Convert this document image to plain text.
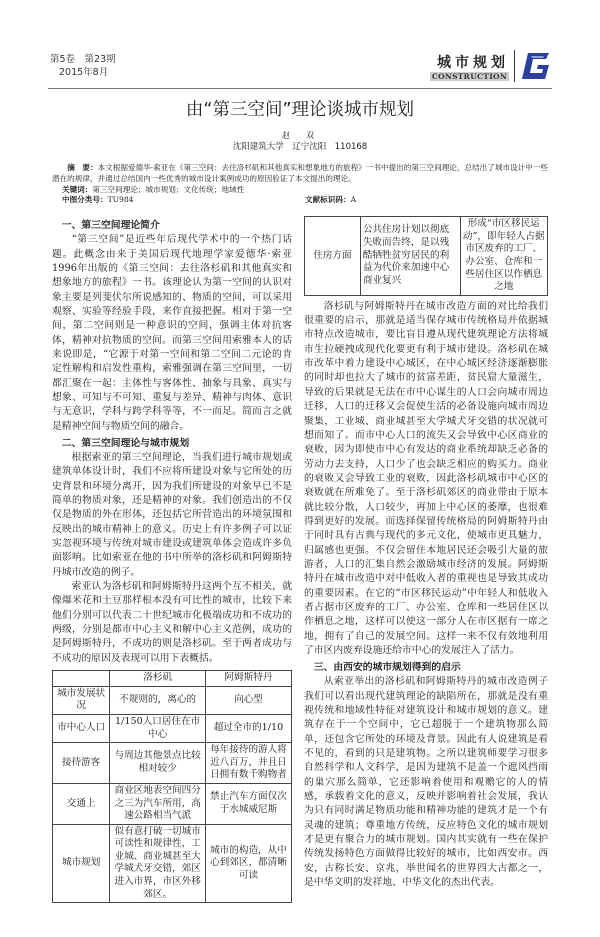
第5卷　第23期
2015年8月
城市规划
CONSTRUCTION
由“第三空间”理论谈城市规划
赵　双
沈阳建筑大学　辽宁沈阳　110168
摘　要：本文根据爱德华·索亚在《第三空间：去往洛杉矶和其他真实和想象地方的旅程》一书中提出的第三空间理论，总结出了城市设计中一些潜在的规律，并通过总结国内一些优秀的城市设计案例成功的原因验证了本文提出的理论。
关键词：第三空间理论；城市规划；文化传统；地域性
中图分类号：TU984	文献标识码：A
一、第三空间理论简介

“第三空间”是近些年后现代学术中的一个热门话题。此概念由来于美国后现代地理学家爱德华·索亚1996年出版的《第三空间：去往洛杉矶和其他真实和想象地方的旅程》一书。该理论认为第一空间的认识对象主要是列斐伏尔所说感知的、物质的空间，可以采用观察、实验等经验手段，来作直接把握。相对于第一空间，第二空间则是一种意识的空间，强调主体对抗客体，精神对抗物质的空间。而第三空间用索雅本人的话来说即是，“它源于对第一空间和第二空间二元论的肯定性解构和启发性重构，索雅强调在第三空间里，一切都汇聚在一起：主体性与客体性、抽象与具象、真实与想象、可知与不可知、重复与差异、精神与肉体、意识与无意识，学科与跨学科等等，不一而足。简而言之就是精神空间与物质空间的融合。

二、第三空间理论与城市规划

根据索亚的第三空间理论，当我们进行城市规划或建筑单体设计时，我们不应将所建设对象与它所处的历史背景和环境分离开，因为我们所建设的对象早已不是简单的物质对象，还是精神的对象。我们创造出的不仅仅是物质的外在形体，还包括它所营造出的环境氛围和反映出的城市精神上的意义。历史上有许多例子可以证实忽视环境与传统对城市建设或建筑单体会造成许多负面影响。比如索亚在他的书中所举的洛杉矶和阿姆斯特丹城市改造的例子。

索亚认为洛杉矶和阿姆斯特丹这两个互不相关，就像爆米花和土豆那样根本没有可比性的城市，比较下来他们分别可以代表二十世纪城市化极端成功和不成功的两级，分别是都市中心主义和解中心主义范例，成功的是阿姆斯特丹，不成功的则是洛杉矶。至于两者成功与不成功的原因及表现可以用下表概括。

	洛杉矶	阿姆斯特丹
城市发展状况	不规则的，离心的	向心型
市中心人口	1/150人口居住在市中心	超过全市的1/10
接待游客	与周边其他景点比较相对较少	每年接待的游人将近八百万，并且日日拥有数千购物者
交通上	商业区地表空间四分之三为汽车所用，高速公路相当气派	禁止汽车方面仅次于水城威尼斯
城市规划	似有意打破一切城市可读性和规律性，工业城、商业城甚至大学城犬牙交错，郊区进入市界，市区外移郊区。	城市的构造，从中心到郊区，都清晰可读
住房方面	公共住房计划以彻底失败而告终，是以残酷牺牲贫穷居民的利益为代价来加速中心商业复兴	形成“市区移民运动”，即年轻人占据市区废弃的工厂、办公室、仓库和一些居住区以作栖息之地

洛杉矶与阿姆斯特丹在城市改造方面的对比给我们很重要的启示，那就是适当保存城市传统格局并依据城市特点改造城市，要比盲目遵从现代建筑理论方法将城市生拉硬拽成现代化要更有利于城市建设。洛杉矶在城市改革中着力建设中心城区，在中心城区经济逐渐膨胀的同时却也拉大了城市的贫富差距，贫民窟大量滋生，导致的后果就是无法在市中心谋生的人口会向城市周边迁移，人口的迁移又会促使生活的必备设施向城市周边聚集，工业城、商业城甚至大学城犬牙交错的状况就可想而知了。而市中心人口的流失又会导致中心区商业的衰败，因为即使市中心有发达的商业系统却缺乏必备的劳动力去支持，人口少了也会缺乏相应的购买力。商业的衰败又会导致工业的衰败，因此洛杉矶城市中心区的衰败就在所难免了。至于洛杉矶郊区的商业带由于原本就比较分散，人口较少，再加上中心区的萎靡，也很难得到更好的发展。而选择保留传统格局的阿姆斯特丹由于同时具有古典与现代的多元文化，使城市更具魅力，归属感也更强。不仅会留住本地居民还会吸引大量的旅游者，人口的汇集自然会激励城市经济的发展。阿姆斯特丹在城市改造中对中低收入者的重视也是导致其成功的重要因素。在它的“市区移民运动”中年轻人和低收入者占据市区废弃的工厂、办公室、仓库和一些居住区以作栖息之地，这样可以使这一部分人在市区据有一席之地，拥有了自己的发展空间。这样一来不仅有效地利用了市区内废弃设施还给市中心的发展注入了活力。

三、由西安的城市规划得到的启示

从索亚举出的洛杉矶和阿姆斯特丹的城市改造例子我们可以看出现代建筑理论的缺陷所在，那就是没有重视传统和地域性特征对建筑设计和城市规划的意义。建筑存在于一个空间中，它已超脱于一个建筑物那么简单，还包含它所处的环境及背景。因此有人说建筑是看不见的，看到的只是建筑物。之所以建筑师要学习很多自然科学和人文科学，是因为建筑不是盖一个遮风挡雨的巢穴那么简单，它还影响着使用和观赡它的人的情感，承载着文化的意义，反映并影响着社会发展，我认为只有同时满足物质功能和精神功能的建筑才是一个有灵魂的建筑；尊重地方传统，反应特色文化的城市规划才是更有聚合力的城市规划。国内其实就有一些在保护传统发扬特色方面做得比较好的城市，比如西安市。西安，古称长安、京兆，举世闻名的世界四大古都之一，是中华文明的发祥地、中华文化的杰出代表。
